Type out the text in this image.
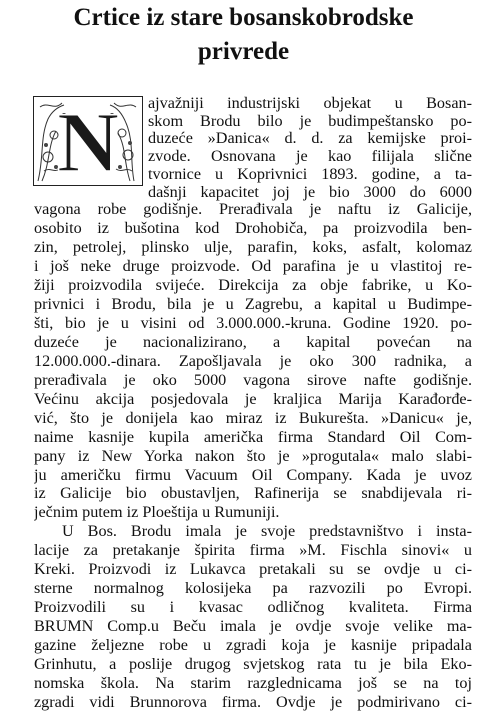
Crtice iz stare bosanskobrodske
privrede
N ajvažniji industrijski objekat u Bosan-
skom Brodu bilo je budimpeštansko po-
duzeće »Danica« d. d. za kemijske proi-
zvode. Osnovana je kao filijala slične
tvornice u Koprivnici 1893. godine, a ta-
dašnji kapacitet joj je bio 3000 do 6000
vagona robe godišnje. Prerađivala je naftu iz Galicije,
osobito iz bušotina kod Drohobiča, pa proizvodila ben-
zin, petrolej, plinsko ulje, parafin, koks, asfalt, kolomaz
i još neke druge proizvode. Od parafina je u vlastitoj re-
žiji proizvodila svijeće. Direkcija za obje fabrike, u Ko-
privnici i Brodu, bila je u Zagrebu, a kapital u Budimpe-
šti, bio je u visini od 3.000.000.-kruna. Godine 1920. po-
duzeće je nacionalizirano, a kapital povećan na
12.000.000.-dinara. Zapošljavala je oko 300 radnika, a
prerađivala je oko 5000 vagona sirove nafte godišnje.
Većinu akcija posjedovala je kraljica Marija Karađorđe-
vić, što je donijela kao miraz iz Bukurešta. »Danicu« je,
naime kasnije kupila američka firma Standard Oil Com-
pany iz New Yorka nakon što je »progutala« malo slabi-
ju američku firmu Vacuum Oil Company. Kada je uvoz
iz Galicije bio obustavljen, Rafinerija se snabdijevala ri-
ječnim putem iz Ploeštija u Rumuniji.
U Bos. Brodu imala je svoje predstavništvo i insta-
lacije za pretakanje špirita firma »M. Fischla sinovi« u
Kreki. Proizvodi iz Lukavca pretakali su se ovdje u ci-
sterne normalnog kolosijeka pa razvozili po Evropi.
Proizvodili su i kvasac odličnog kvaliteta. Firma
BRUMN Comp.u Beču imala je ovdje svoje velike ma-
gazine željezne robe u zgradi koja je kasnije pripadala
Grinhutu, a poslije drugog svjetskog rata tu je bila Eko-
nomska škola. Na starim razglednicama još se na toj
zgradi vidi Brunnorova firma. Ovdje je podmirivano ci-
